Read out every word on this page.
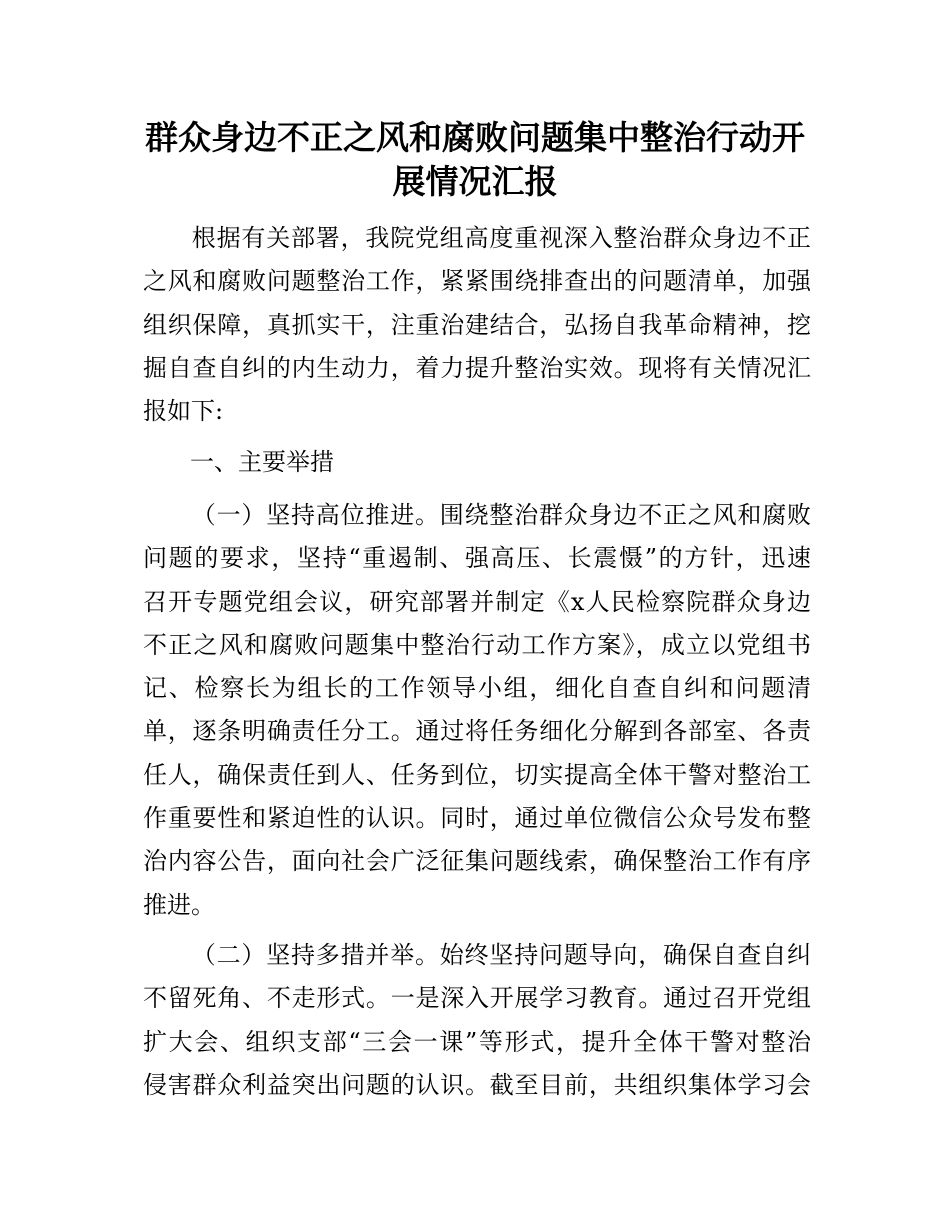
群众身边不正之风和腐败问题集中整治行动开
展情况汇报
根据有关部署，我院党组高度重视深入整治群众身边不正
之风和腐败问题整治工作，紧紧围绕排查出的问题清单，加强
组织保障，真抓实干，注重治建结合，弘扬自我革命精神，挖
掘自查自纠的内生动力，着力提升整治实效。现将有关情况汇
报如下:
一、主要举措
（一）坚持高位推进。围绕整治群众身边不正之风和腐败
问题的要求，坚持“重遏制、强高压、长震慑”的方针，迅速
召开专题党组会议，研究部署并制定《x人民检察院群众身边
不正之风和腐败问题集中整治行动工作方案》，成立以党组书
记、检察长为组长的工作领导小组，细化自查自纠和问题清
单，逐条明确责任分工。通过将任务细化分解到各部室、各责
任人，确保责任到人、任务到位，切实提高全体干警对整治工
作重要性和紧迫性的认识。同时，通过单位微信公众号发布整
治内容公告，面向社会广泛征集问题线索，确保整治工作有序
推进。
（二）坚持多措并举。始终坚持问题导向，确保自查自纠
不留死角、不走形式。一是深入开展学习教育。通过召开党组
扩大会、组织支部“三会一课”等形式，提升全体干警对整治
侵害群众利益突出问题的认识。截至目前，共组织集体学习会
